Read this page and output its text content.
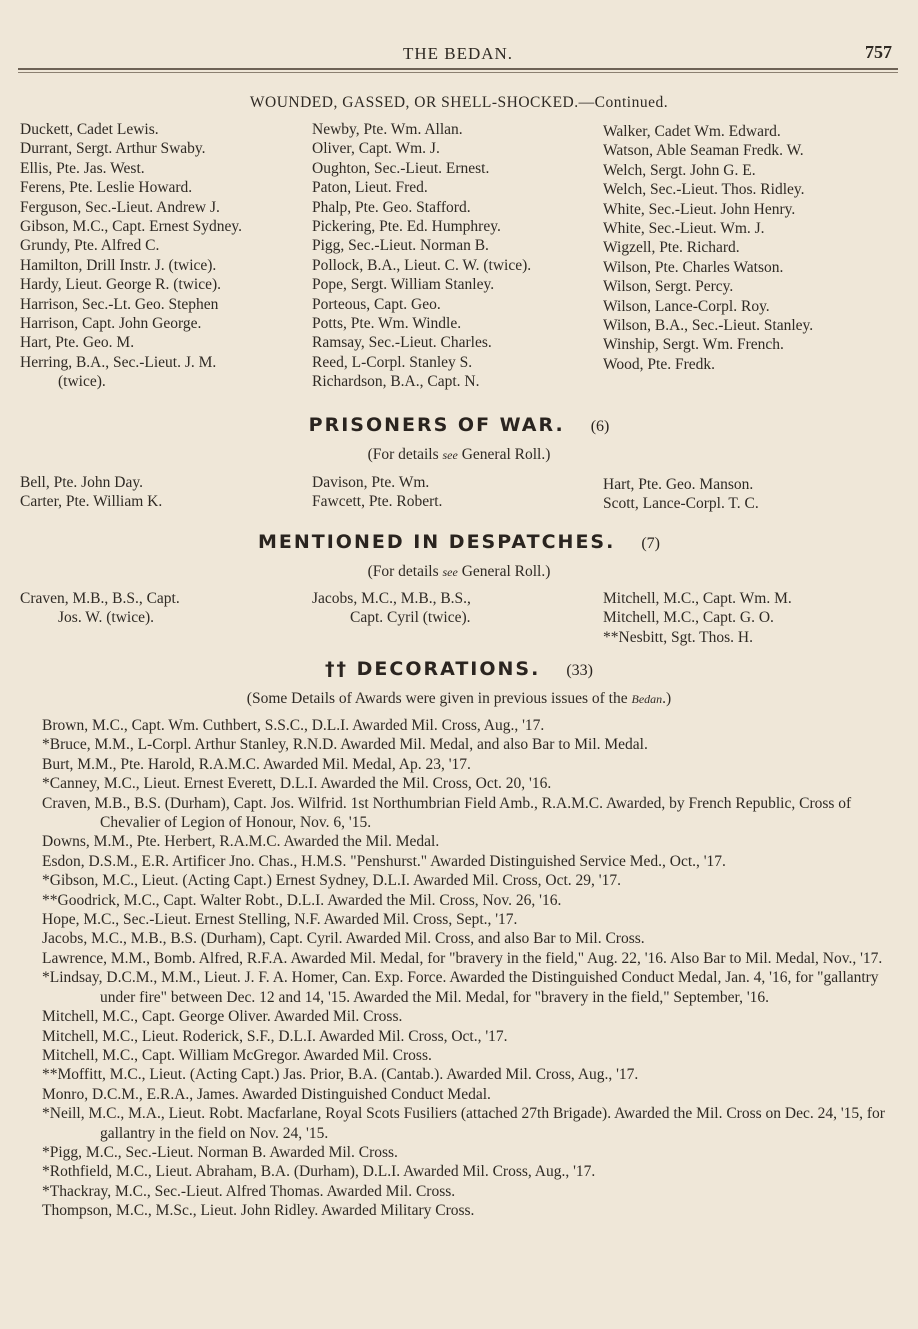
THE BEDAN.	757
WOUNDED, GASSED, OR SHELL-SHOCKED.—Continued.
Duckett, Cadet Lewis.
Durrant, Sergt. Arthur Swaby.
Ellis, Pte. Jas. West.
Ferens, Pte. Leslie Howard.
Ferguson, Sec.-Lieut. Andrew J.
Gibson, M.C., Capt. Ernest Sydney.
Grundy, Pte. Alfred C.
Hamilton, Drill Instr. J. (twice).
Hardy, Lieut. George R. (twice).
Harrison, Sec.-Lt. Geo. Stephen
Harrison, Capt. John George.
Hart, Pte. Geo. M.
Herring, B.A., Sec.-Lieut. J. M.
(twice).
Newby, Pte. Wm. Allan.
Oliver, Capt. Wm. J.
Oughton, Sec.-Lieut. Ernest.
Paton, Lieut. Fred.
Phalp, Pte. Geo. Stafford.
Pickering, Pte. Ed. Humphrey.
Pigg, Sec.-Lieut. Norman B.
Pollock, B.A., Lieut. C. W. (twice).
Pope, Sergt. William Stanley.
Porteous, Capt. Geo.
Potts, Pte. Wm. Windle.
Ramsay, Sec.-Lieut. Charles.
Reed, L-Corpl. Stanley S.
Richardson, B.A., Capt. N.
Walker, Cadet Wm. Edward.
Watson, Able Seaman Fredk. W.
Welch, Sergt. John G. E.
Welch, Sec.-Lieut. Thos. Ridley.
White, Sec.-Lieut. John Henry.
White, Sec.-Lieut. Wm. J.
Wigzell, Pte. Richard.
Wilson, Pte. Charles Watson.
Wilson, Sergt. Percy.
Wilson, Lance-Corpl. Roy.
Wilson, B.A., Sec.-Lieut. Stanley.
Winship, Sergt. Wm. French.
Wood, Pte. Fredk.
PRISONERS OF WAR. (6)
(For details see General Roll.)
Bell, Pte. John Day.
Carter, Pte. William K.
Davison, Pte. Wm.
Fawcett, Pte. Robert.
Hart, Pte. Geo. Manson.
Scott, Lance-Corpl. T. C.
MENTIONED IN DESPATCHES. (7)
(For details see General Roll.)
Craven, M.B., B.S., Capt.
Jos. W. (twice).
Jacobs, M.C., M.B., B.S.,
Capt. Cyril (twice).
Mitchell, M.C., Capt. Wm. M.
Mitchell, M.C., Capt. G. O.
**Nesbitt, Sgt. Thos. H.
†† DECORATIONS. (33)
(Some Details of Awards were given in previous issues of the Bedan.)
Brown, M.C., Capt. Wm. Cuthbert, S.S.C., D.L.I. Awarded Mil. Cross, Aug., '17.
*Bruce, M.M., L-Corpl. Arthur Stanley, R.N.D. Awarded Mil. Medal, and also Bar to Mil. Medal.
Burt, M.M., Pte. Harold, R.A.M.C. Awarded Mil. Medal, Ap. 23, '17.
*Canney, M.C., Lieut. Ernest Everett, D.L.I. Awarded the Mil. Cross, Oct. 20, '16.
Craven, M.B., B.S. (Durham), Capt. Jos. Wilfrid. 1st Northumbrian Field Amb., R.A.M.C. Awarded, by French Republic, Cross of Chevalier of Legion of Honour, Nov. 6, '15.
Downs, M.M., Pte. Herbert, R.A.M.C. Awarded the Mil. Medal.
Esdon, D.S.M., E.R. Artificer Jno. Chas., H.M.S. "Penshurst." Awarded Distinguished Service Med., Oct., '17.
*Gibson, M.C., Lieut. (Acting Capt.) Ernest Sydney, D.L.I. Awarded Mil. Cross, Oct. 29, '17.
**Goodrick, M.C., Capt. Walter Robt., D.L.I. Awarded the Mil. Cross, Nov. 26, '16.
Hope, M.C., Sec.-Lieut. Ernest Stelling, N.F. Awarded Mil. Cross, Sept., '17.
Jacobs, M.C., M.B., B.S. (Durham), Capt. Cyril. Awarded Mil. Cross, and also Bar to Mil. Cross.
Lawrence, M.M., Bomb. Alfred, R.F.A. Awarded Mil. Medal, for "bravery in the field," Aug. 22, '16. Also Bar to Mil. Medal, Nov., '17.
*Lindsay, D.C.M., M.M., Lieut. J. F. A. Homer, Can. Exp. Force. Awarded the Distinguished Conduct Medal, Jan. 4, '16, for "gallantry under fire" between Dec. 12 and 14, '15. Awarded the Mil. Medal, for "bravery in the field," September, '16.
Mitchell, M.C., Capt. George Oliver. Awarded Mil. Cross.
Mitchell, M.C., Lieut. Roderick, S.F., D.L.I. Awarded Mil. Cross, Oct., '17.
Mitchell, M.C., Capt. William McGregor. Awarded Mil. Cross.
**Moffitt, M.C., Lieut. (Acting Capt.) Jas. Prior, B.A. (Cantab.). Awarded Mil. Cross, Aug., '17.
Monro, D.C.M., E.R.A., James. Awarded Distinguished Conduct Medal.
*Neill, M.C., M.A., Lieut. Robt. Macfarlane, Royal Scots Fusiliers (attached 27th Brigade). Awarded the Mil. Cross on Dec. 24, '15, for gallantry in the field on Nov. 24, '15.
*Pigg, M.C., Sec.-Lieut. Norman B. Awarded Mil. Cross.
*Rothfield, M.C., Lieut. Abraham, B.A. (Durham), D.L.I. Awarded Mil. Cross, Aug., '17.
*Thackray, M.C., Sec.-Lieut. Alfred Thomas. Awarded Mil. Cross.
Thompson, M.C., M.Sc., Lieut. John Ridley. Awarded Military Cross.
